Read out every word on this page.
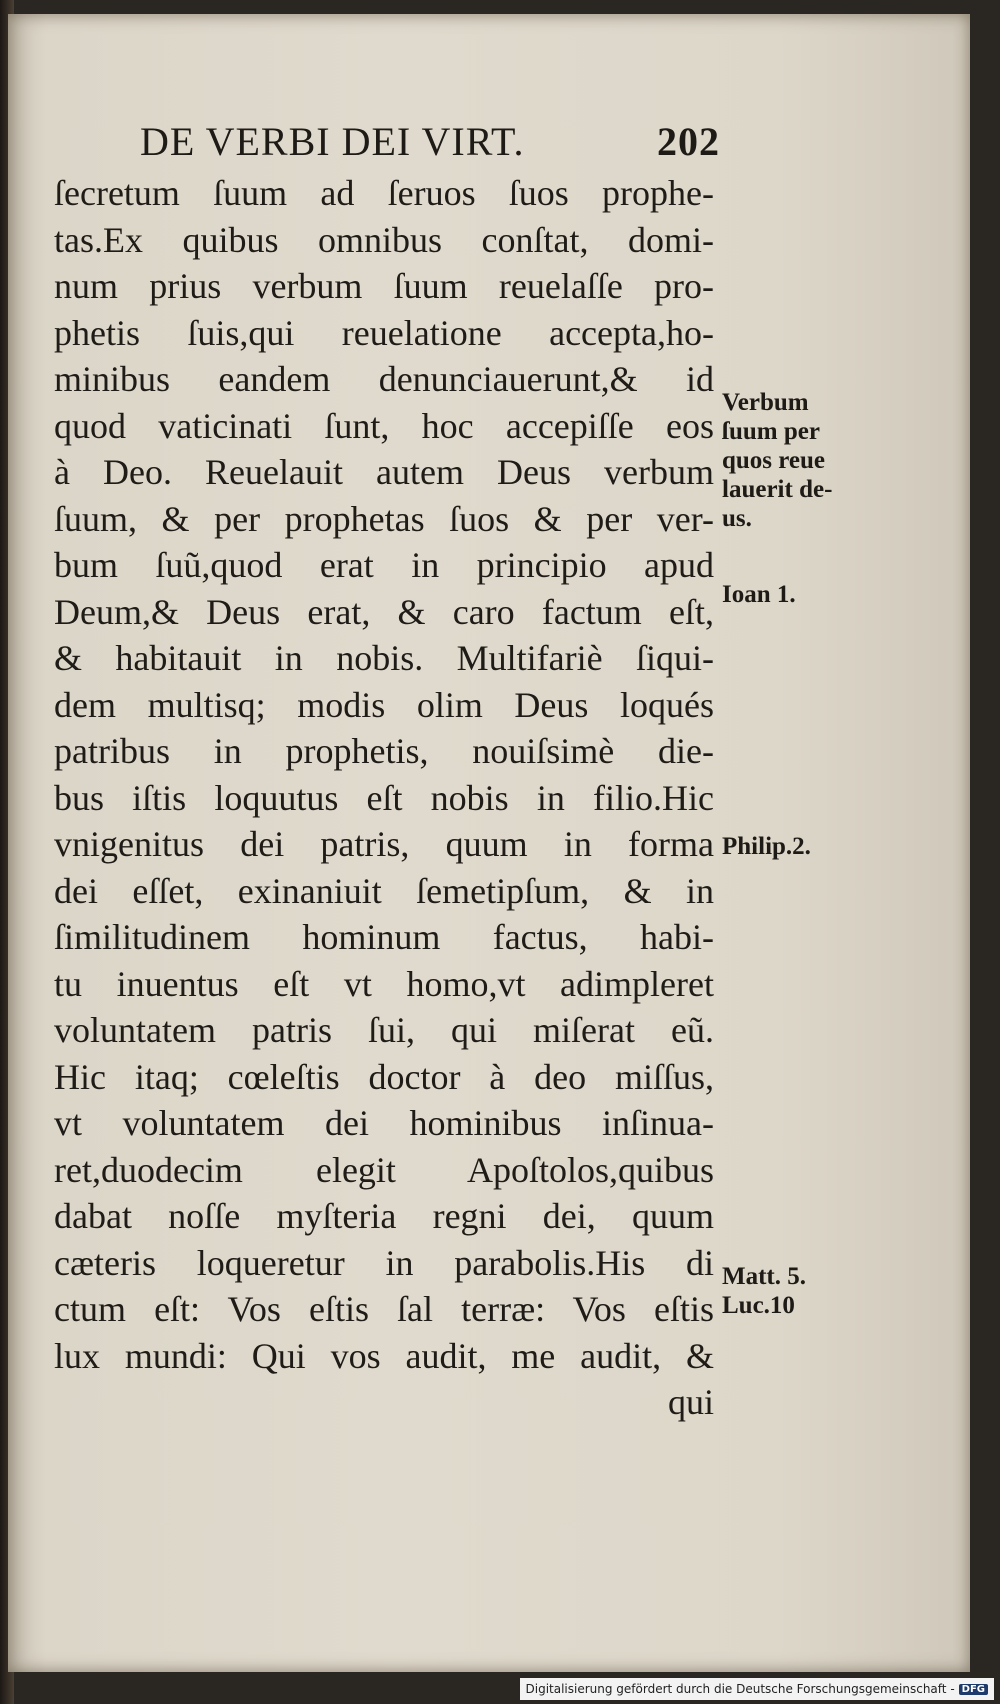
DE VERBI DEI VIRT.	202
ſecretum ſuum ad ſeruos ſuos prophe-
tas.Ex quibus omnibus conſtat, domi-
num prius verbum ſuum reuelaſſe pro-
phetis ſuis,qui reuelatione accepta,ho-
minibus eandem denunciauerunt,& id
quod vaticinati ſunt, hoc accepiſſe eos
à Deo. Reuelauit autem Deus verbum
ſuum, & per prophetas ſuos & per ver-
bum ſuũ,quod erat in principio apud
Deum,& Deus erat, & caro factum eſt,
& habitauit in nobis. Multifariè ſiqui-
dem multisq; modis olim Deus loqués
patribus in prophetis, nouiſsimè die-
bus iſtis loquutus eſt nobis in filio.Hic
vnigenitus dei patris, quum in forma
dei eſſet, exinaniuit ſemetipſum, & in
ſimilitudinem hominum factus, habi-
tu inuentus eſt vt homo,vt adimpleret
voluntatem patris ſui, qui miſerat eũ.
Hic itaq; cœleſtis doctor à deo miſſus,
vt voluntatem dei hominibus inſinua-
ret,duodecim elegit Apoſtolos,quibus
dabat noſſe myſteria regni dei, quum
cæteris loqueretur in parabolis.His di
ctum eſt: Vos eſtis ſal terræ: Vos eſtis
lux mundi: Qui vos audit, me audit, &
qui
Verbum
ſuum per
quos reue
lauerit de-
us.
Ioan 1.
Philip.2.
Matt. 5.
Luc.10
Digitalisierung gefördert durch die Deutsche Forschungsgemeinschaft - DFG
